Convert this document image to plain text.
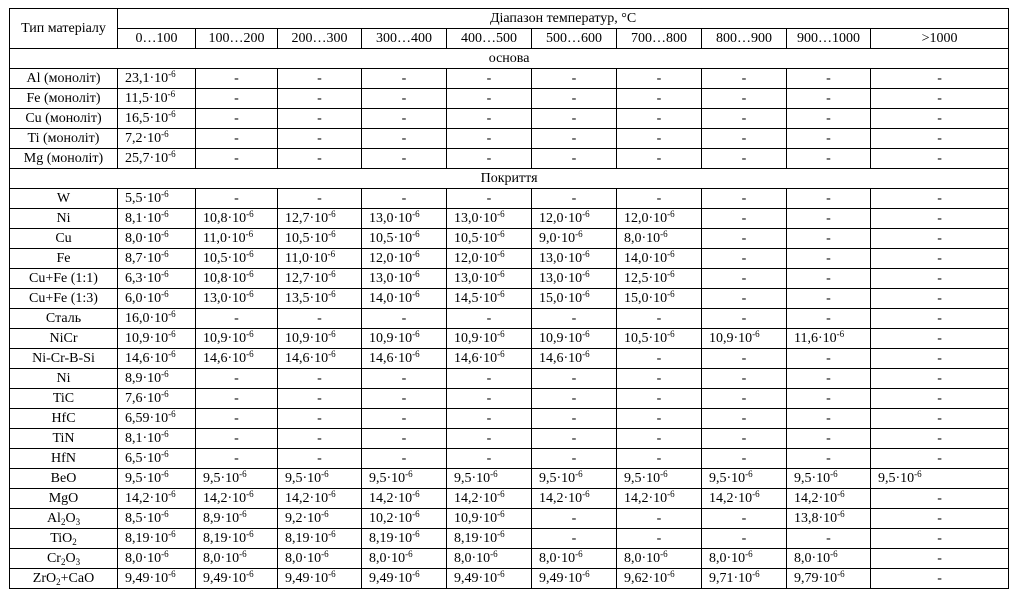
Тип матеріалу	Діапазон температур, °С									
	0…100	100…200	200…300	300…400	400…500	500…600	700…800	800…900	900…1000	>1000
основа										
Al (моноліт)	$23,1\cdot 10^{-6}$	-	-	-	-	-	-	-	-	-
Fe (моноліт)	$11,5\cdot 10^{-6}$	-	-	-	-	-	-	-	-	-
Cu (моноліт)	$16,5\cdot 10^{-6}$	-	-	-	-	-	-	-	-	-
Ti (моноліт)	$7,2\cdot 10^{-6}$	-	-	-	-	-	-	-	-	-
Mg (моноліт)	$25,7\cdot 10^{-6}$	-	-	-	-	-	-	-	-	-
Покриття										
W	$5,5\cdot 10^{-6}$	-	-	-	-	-	-	-	-	-
Ni	$8,1\cdot 10^{-6}$	$10,8\cdot 10^{-6}$	$12,7\cdot 10^{-6}$	$13,0\cdot 10^{-6}$	$13,0\cdot 10^{-6}$	$12,0\cdot 10^{-6}$	$12,0\cdot 10^{-6}$	-	-	-
Cu	$8,0\cdot 10^{-6}$	$11,0\cdot 10^{-6}$	$10,5\cdot 10^{-6}$	$10,5\cdot 10^{-6}$	$10,5\cdot 10^{-6}$	$9,0\cdot 10^{-6}$	$8,0\cdot 10^{-6}$	-	-	-
Fe	$8,7\cdot 10^{-6}$	$10,5\cdot 10^{-6}$	$11,0\cdot 10^{-6}$	$12,0\cdot 10^{-6}$	$12,0\cdot 10^{-6}$	$13,0\cdot 10^{-6}$	$14,0\cdot 10^{-6}$	-	-	-
Cu+Fe (1:1)	$6,3\cdot 10^{-6}$	$10,8\cdot 10^{-6}$	$12,7\cdot 10^{-6}$	$13,0\cdot 10^{-6}$	$13,0\cdot 10^{-6}$	$13,0\cdot 10^{-6}$	$12,5\cdot 10^{-6}$	-	-	-
Cu+Fe (1:3)	$6,0\cdot 10^{-6}$	$13,0\cdot 10^{-6}$	$13,5\cdot 10^{-6}$	$14,0\cdot 10^{-6}$	$14,5\cdot 10^{-6}$	$15,0\cdot 10^{-6}$	$15,0\cdot 10^{-6}$	-	-	-
Сталь	$16,0\cdot 10^{-6}$	-	-	-	-	-	-	-	-	-
NiCr	$10,9\cdot 10^{-6}$	$10,9\cdot 10^{-6}$	$10,9\cdot 10^{-6}$	$10,9\cdot 10^{-6}$	$10,9\cdot 10^{-6}$	$10,9\cdot 10^{-6}$	$10,5\cdot 10^{-6}$	$10,9\cdot 10^{-6}$	$11,6\cdot 10^{-6}$	-
Ni-Cr-B-Si	$14,6\cdot 10^{-6}$	$14,6\cdot 10^{-6}$	$14,6\cdot 10^{-6}$	$14,6\cdot 10^{-6}$	$14,6\cdot 10^{-6}$	$14,6\cdot 10^{-6}$	-	-	-	-
Ni	$8,9\cdot 10^{-6}$	-	-	-	-	-	-	-	-	-
TiC	$7,6\cdot 10^{-6}$	-	-	-	-	-	-	-	-	-
HfC	$6,59\cdot 10^{-6}$	-	-	-	-	-	-	-	-	-
TiN	$8,1\cdot 10^{-6}$	-	-	-	-	-	-	-	-	-
HfN	$6,5\cdot 10^{-6}$	-	-	-	-	-	-	-	-	-
BeO	$9,5\cdot 10^{-6}$	$9,5\cdot 10^{-6}$	$9,5\cdot 10^{-6}$	$9,5\cdot 10^{-6}$	$9,5\cdot 10^{-6}$	$9,5\cdot 10^{-6}$	$9,5\cdot 10^{-6}$	$9,5\cdot 10^{-6}$	$9,5\cdot 10^{-6}$	$9,5\cdot 10^{-6}$
MgO	$14,2\cdot 10^{-6}$	$14,2\cdot 10^{-6}$	$14,2\cdot 10^{-6}$	$14,2\cdot 10^{-6}$	$14,2\cdot 10^{-6}$	$14,2\cdot 10^{-6}$	$14,2\cdot 10^{-6}$	$14,2\cdot 10^{-6}$	$14,2\cdot 10^{-6}$	-
$Al_2O_3$	$8,5\cdot 10^{-6}$	$8,9\cdot 10^{-6}$	$9,2\cdot 10^{-6}$	$10,2\cdot 10^{-6}$	$10,9\cdot 10^{-6}$	-	-	-	$13,8\cdot 10^{-6}$	-
TiO$_2$	$8,19\cdot 10^{-6}$	$8,19\cdot 10^{-6}$	$8,19\cdot 10^{-6}$	$8,19\cdot 10^{-6}$	$8,19\cdot 10^{-6}$	-	-	-	-	-
$Cr_2O_3$	$8,0\cdot 10^{-6}$	$8,0\cdot 10^{-6}$	$8,0\cdot 10^{-6}$	$8,0\cdot 10^{-6}$	$8,0\cdot 10^{-6}$	$8,0\cdot 10^{-6}$	$8,0\cdot 10^{-6}$	$8,0\cdot 10^{-6}$	$8,0\cdot 10^{-6}$	-
ZrO$_2$+CaO	$9,49\cdot 10^{-6}$	$9,49\cdot 10^{-6}$	$9,49\cdot 10^{-6}$	$9,49\cdot 10^{-6}$	$9,49\cdot 10^{-6}$	$9,49\cdot 10^{-6}$	$9,62\cdot 10^{-6}$	$9,71\cdot 10^{-6}$	$9,79\cdot 10^{-6}$	-
